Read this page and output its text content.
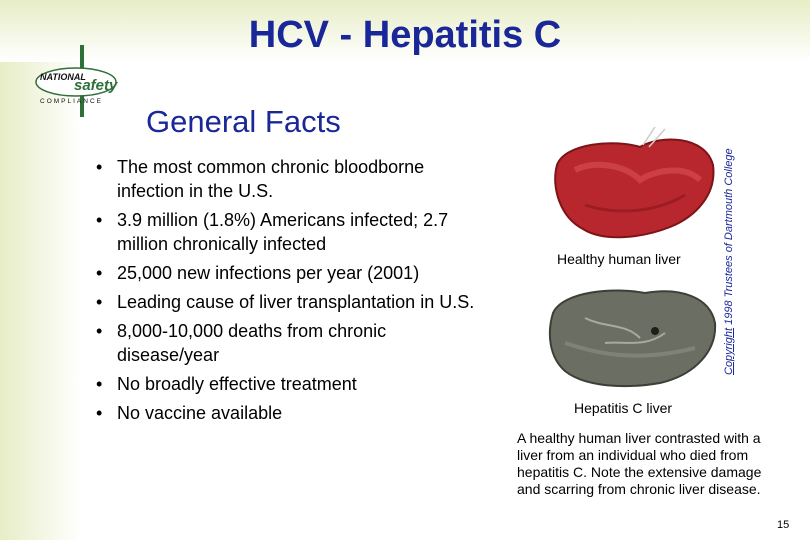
HCV - Hepatitis C
NATIONAL
safety
COMPLIANCE
General Facts
• The most common chronic bloodborne infection in the U.S.
• 3.9 million (1.8%) Americans infected; 2.7 million chronically infected
• 25,000 new infections per year (2001)
• Leading cause of liver transplantation in U.S.
• 8,000-10,000 deaths from chronic disease/year
• No broadly effective treatment
• No vaccine available
Healthy human liver
Hepatitis C liver
Copyright 1998 Trustees of Dartmouth College
A healthy human liver contrasted with a liver from an individual who died from hepatitis C. Note the extensive damage and scarring from chronic liver disease.
15
